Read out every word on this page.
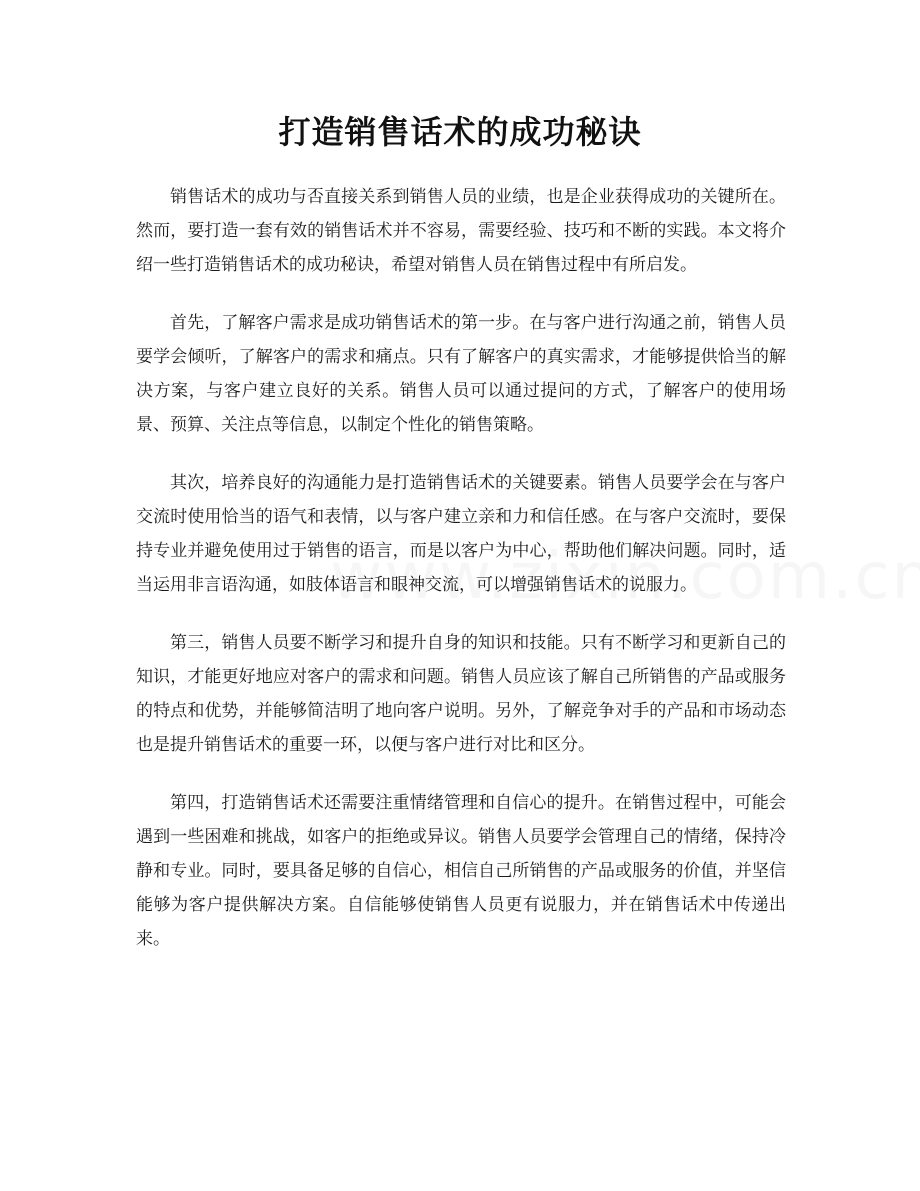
打造销售话术的成功秘诀

销售话术的成功与否直接关系到销售人员的业绩，也是企业获得成功的关键所在。然而，要打造一套有效的销售话术并不容易，需要经验、技巧和不断的实践。本文将介绍一些打造销售话术的成功秘诀，希望对销售人员在销售过程中有所启发。

首先，了解客户需求是成功销售话术的第一步。在与客户进行沟通之前，销售人员要学会倾听，了解客户的需求和痛点。只有了解客户的真实需求，才能够提供恰当的解决方案，与客户建立良好的关系。销售人员可以通过提问的方式，了解客户的使用场景、预算、关注点等信息，以制定个性化的销售策略。

其次，培养良好的沟通能力是打造销售话术的关键要素。销售人员要学会在与客户交流时使用恰当的语气和表情，以与客户建立亲和力和信任感。在与客户交流时，要保持专业并避免使用过于销售的语言，而是以客户为中心，帮助他们解决问题。同时，适当运用非言语沟通，如肢体语言和眼神交流，可以增强销售话术的说服力。

第三，销售人员要不断学习和提升自身的知识和技能。只有不断学习和更新自己的知识，才能更好地应对客户的需求和问题。销售人员应该了解自己所销售的产品或服务的特点和优势，并能够简洁明了地向客户说明。另外，了解竞争对手的产品和市场动态也是提升销售话术的重要一环，以便与客户进行对比和区分。

第四，打造销售话术还需要注重情绪管理和自信心的提升。在销售过程中，可能会遇到一些困难和挑战，如客户的拒绝或异议。销售人员要学会管理自己的情绪，保持冷静和专业。同时，要具备足够的自信心，相信自己所销售的产品或服务的价值，并坚信能够为客户提供解决方案。自信能够使销售人员更有说服力，并在销售话术中传递出来。
